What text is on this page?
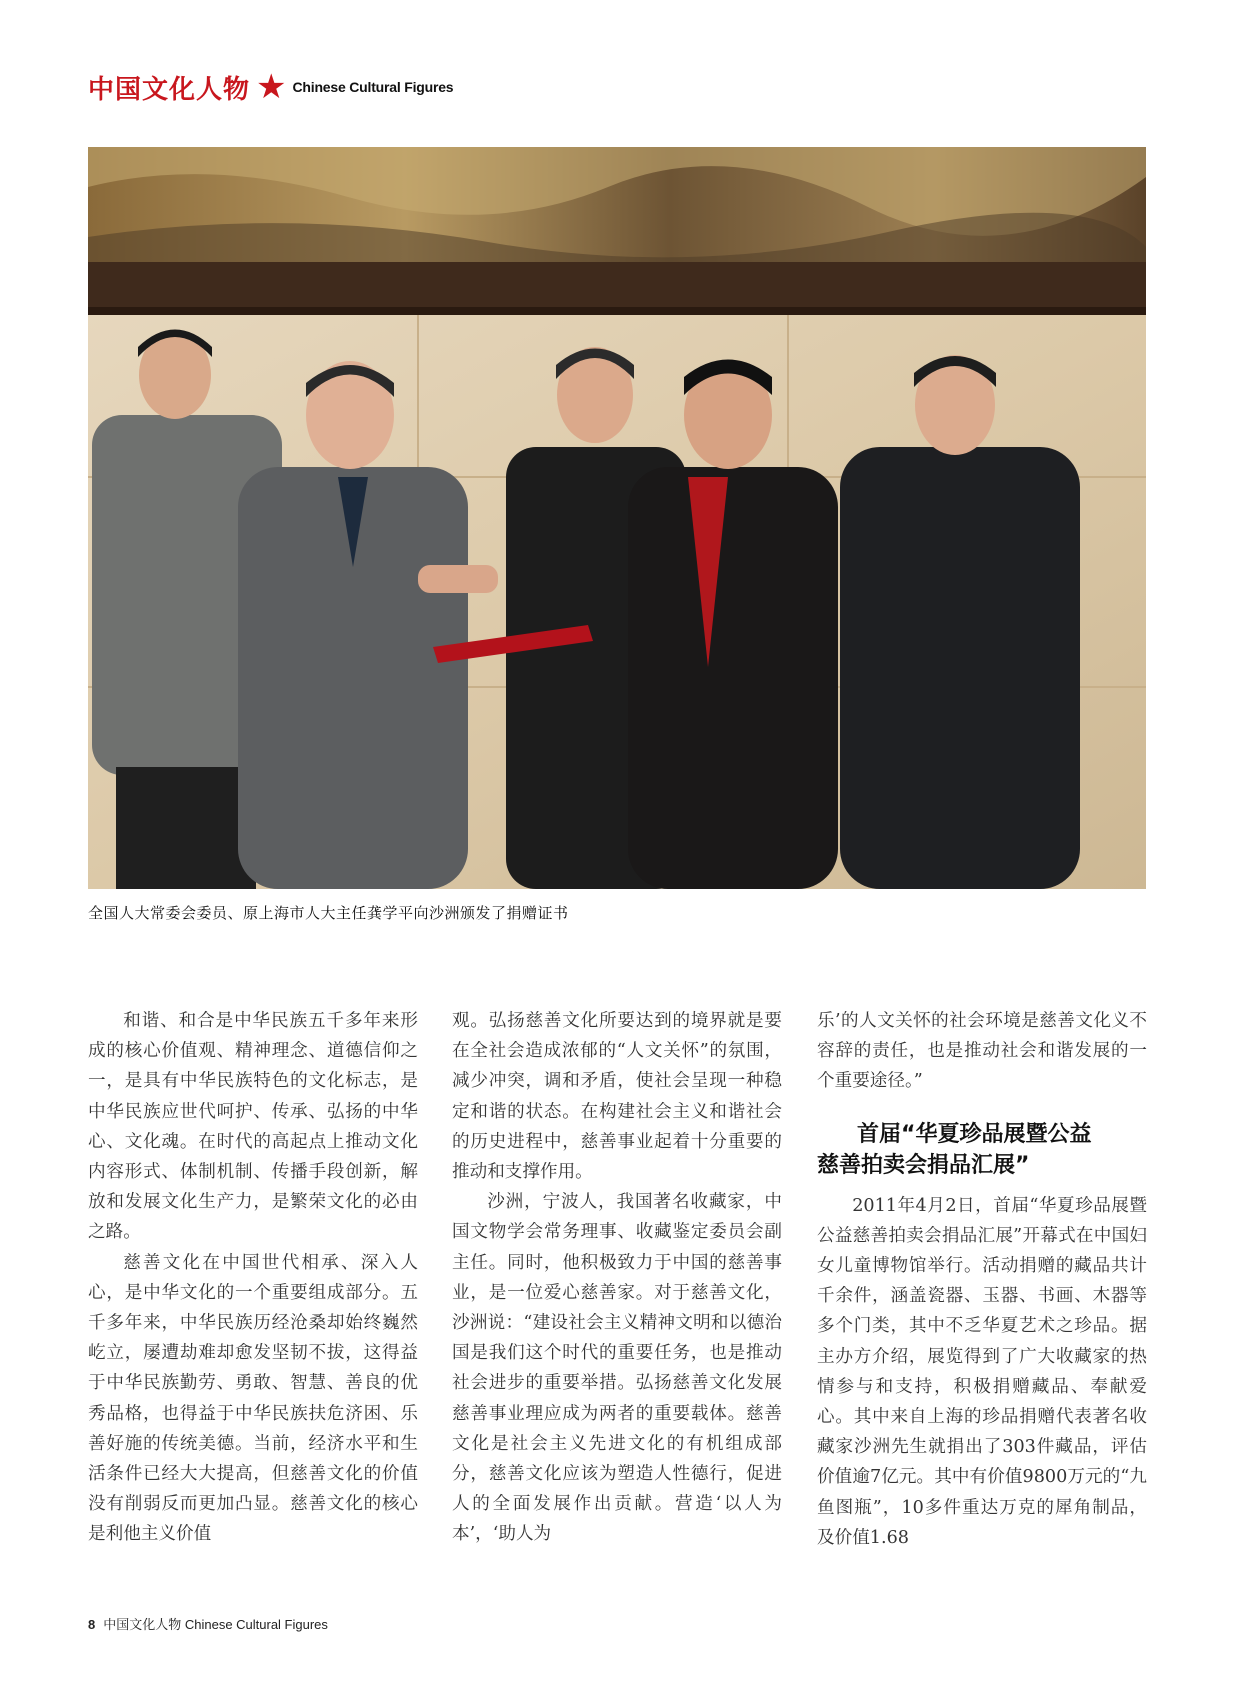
中国文化人物 ★ Chinese Cultural Figures
全国人大常委会委员、原上海市人大主任龚学平向沙洲颁发了捐赠证书

和谐、和合是中华民族五千多年来形成的核心价值观、精神理念、道德信仰之一，是具有中华民族特色的文化标志，是中华民族应世代呵护、传承、弘扬的中华心、文化魂。在时代的高起点上推动文化内容形式、体制机制、传播手段创新，解放和发展文化生产力，是繁荣文化的必由之路。

慈善文化在中国世代相承、深入人心，是中华文化的一个重要组成部分。五千多年来，中华民族历经沧桑却始终巍然屹立，屡遭劫难却愈发坚韧不拔，这得益于中华民族勤劳、勇敢、智慧、善良的优秀品格，也得益于中华民族扶危济困、乐善好施的传统美德。当前，经济水平和生活条件已经大大提高，但慈善文化的价值没有削弱反而更加凸显。慈善文化的核心是利他主义价值

观。弘扬慈善文化所要达到的境界就是要在全社会造成浓郁的“人文关怀”的氛围，减少冲突，调和矛盾，使社会呈现一种稳定和谐的状态。在构建社会主义和谐社会的历史进程中，慈善事业起着十分重要的推动和支撑作用。

沙洲，宁波人，我国著名收藏家，中国文物学会常务理事、收藏鉴定委员会副主任。同时，他积极致力于中国的慈善事业，是一位爱心慈善家。对于慈善文化，沙洲说：“建设社会主义精神文明和以德治国是我们这个时代的重要任务，也是推动社会进步的重要举措。弘扬慈善文化发展慈善事业理应成为两者的重要载体。慈善文化是社会主义先进文化的有机组成部分，慈善文化应该为塑造人性德行，促进人的全面发展作出贡献。营造‘以人为本’，‘助人为

乐’的人文关怀的社会环境是慈善文化义不容辞的责任，也是推动社会和谐发展的一个重要途径。”

首届“华夏珍品展暨公益
慈善拍卖会捐品汇展”

2011年4月2日，首届“华夏珍品展暨公益慈善拍卖会捐品汇展”开幕式在中国妇女儿童博物馆举行。活动捐赠的藏品共计千余件，涵盖瓷器、玉器、书画、木器等多个门类，其中不乏华夏艺术之珍品。据主办方介绍，展览得到了广大收藏家的热情参与和支持，积极捐赠藏品、奉献爱心。其中来自上海的珍品捐赠代表著名收藏家沙洲先生就捐出了303件藏品，评估价值逾7亿元。其中有价值9800万元的“九鱼图瓶”，10多件重达万克的犀角制品，及价值1.68

8 中国文化人物 Chinese Cultural Figures
